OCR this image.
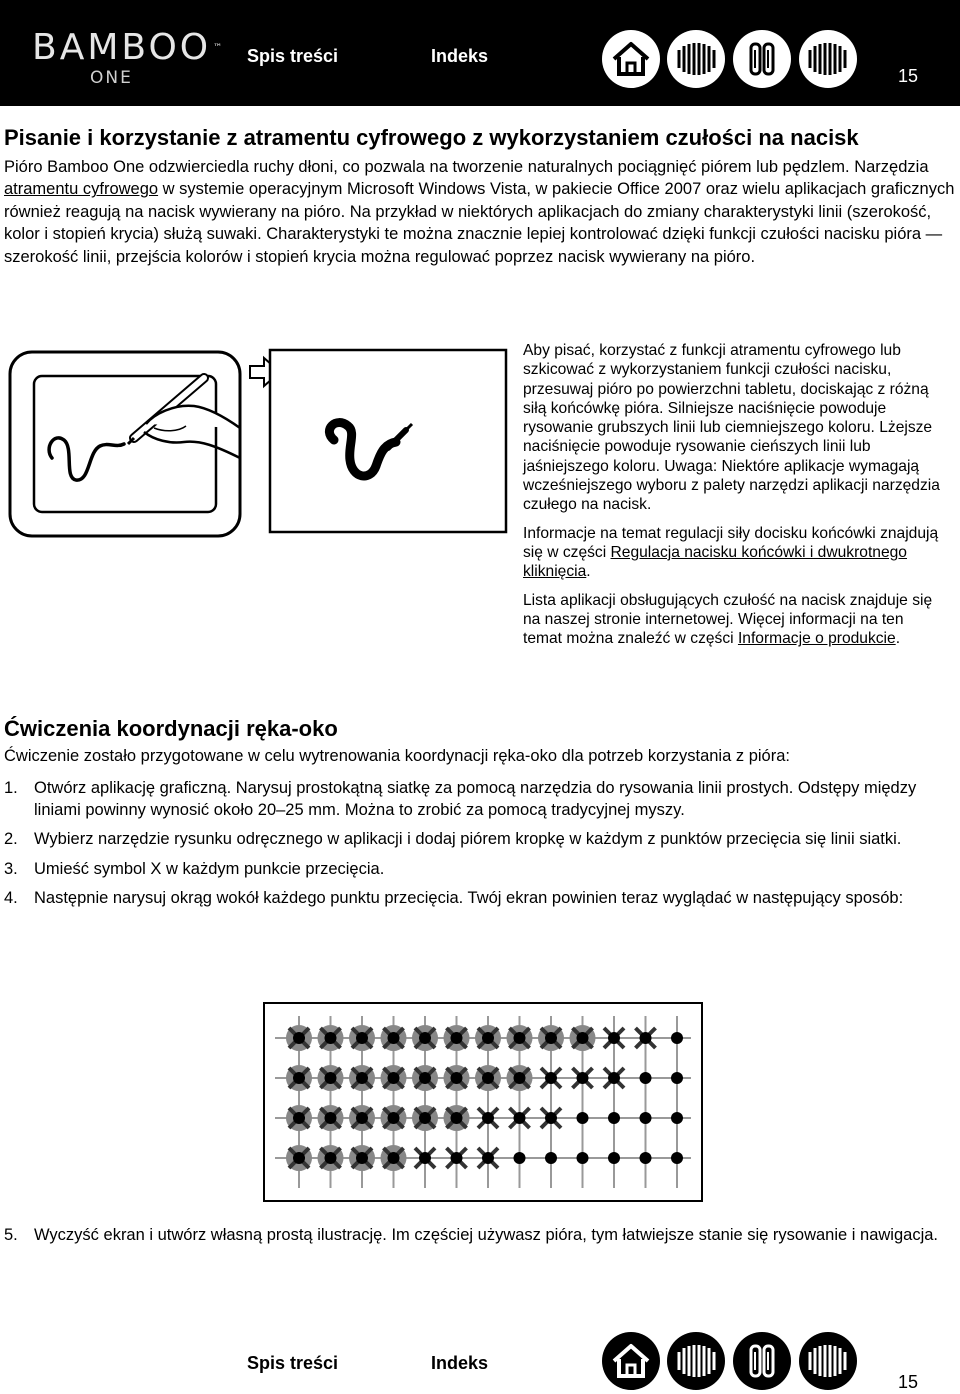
BAMBOO ™
ONE
Spis treści	Indeks
15
Pisanie i korzystanie z atramentu cyfrowego z wykorzystaniem czułości na nacisk

Pióro Bamboo One odzwierciedla ruchy dłoni, co pozwala na tworzenie naturalnych pociągnięć piórem lub pędzlem. Narzędzia atramentu cyfrowego w systemie operacyjnym Microsoft Windows Vista, w pakiecie Office 2007 oraz wielu aplikacjach graficznych również reagują na nacisk wywierany na pióro. Na przykład w niektórych aplikacjach do zmiany charakterystyki linii (szerokość, kolor i stopień krycia) służą suwaki. Charakterystyki te można znacznie lepiej kontrolować dzięki funkcji czułości nacisku pióra — szerokość linii, przejścia kolorów i stopień krycia można regulować poprzez nacisk wywierany na pióro.

Aby pisać, korzystać z funkcji atramentu cyfrowego lub szkicować z wykorzystaniem funkcji czułości nacisku, przesuwaj pióro po powierzchni tabletu, dociskając z różną siłą końcówkę pióra. Silniejsze naciśnięcie powoduje rysowanie grubszych linii lub ciemniejszego koloru. Lżejsze naciśnięcie powoduje rysowanie cieńszych linii lub jaśniejszego koloru. Uwaga: Niektóre aplikacje wymagają wcześniejszego wyboru z palety narzędzi aplikacji narzędzia czułego na nacisk.

Informacje na temat regulacji siły docisku końcówki znajdują się w części Regulacja nacisku końcówki i dwukrotnego kliknięcia.

Lista aplikacji obsługujących czułość na nacisk znajduje się na naszej stronie internetowej. Więcej informacji na ten temat można znaleźć w części Informacje o produkcie.

Ćwiczenia koordynacji ręka-oko
Ćwiczenie zostało przygotowane w celu wytrenowania koordynacji ręka-oko dla potrzeb korzystania z pióra:
1. Otwórz aplikację graficzną. Narysuj prostokątną siatkę za pomocą narzędzia do rysowania linii prostych. Odstępy między liniami powinny wynosić około 20–25 mm. Można to zrobić za pomocą tradycyjnej myszy.
2. Wybierz narzędzie rysunku odręcznego w aplikacji i dodaj piórem kropkę w każdym z punktów przecięcia się linii siatki.
3. Umieść symbol X w każdym punkcie przecięcia.
4. Następnie narysuj okrąg wokół każdego punktu przecięcia. Twój ekran powinien teraz wyglądać w następujący sposób:
5. Wyczyść ekran i utwórz własną prostą ilustrację. Im częściej używasz pióra, tym łatwiejsze stanie się rysowanie i nawigacja.
Spis treści	Indeks
15
